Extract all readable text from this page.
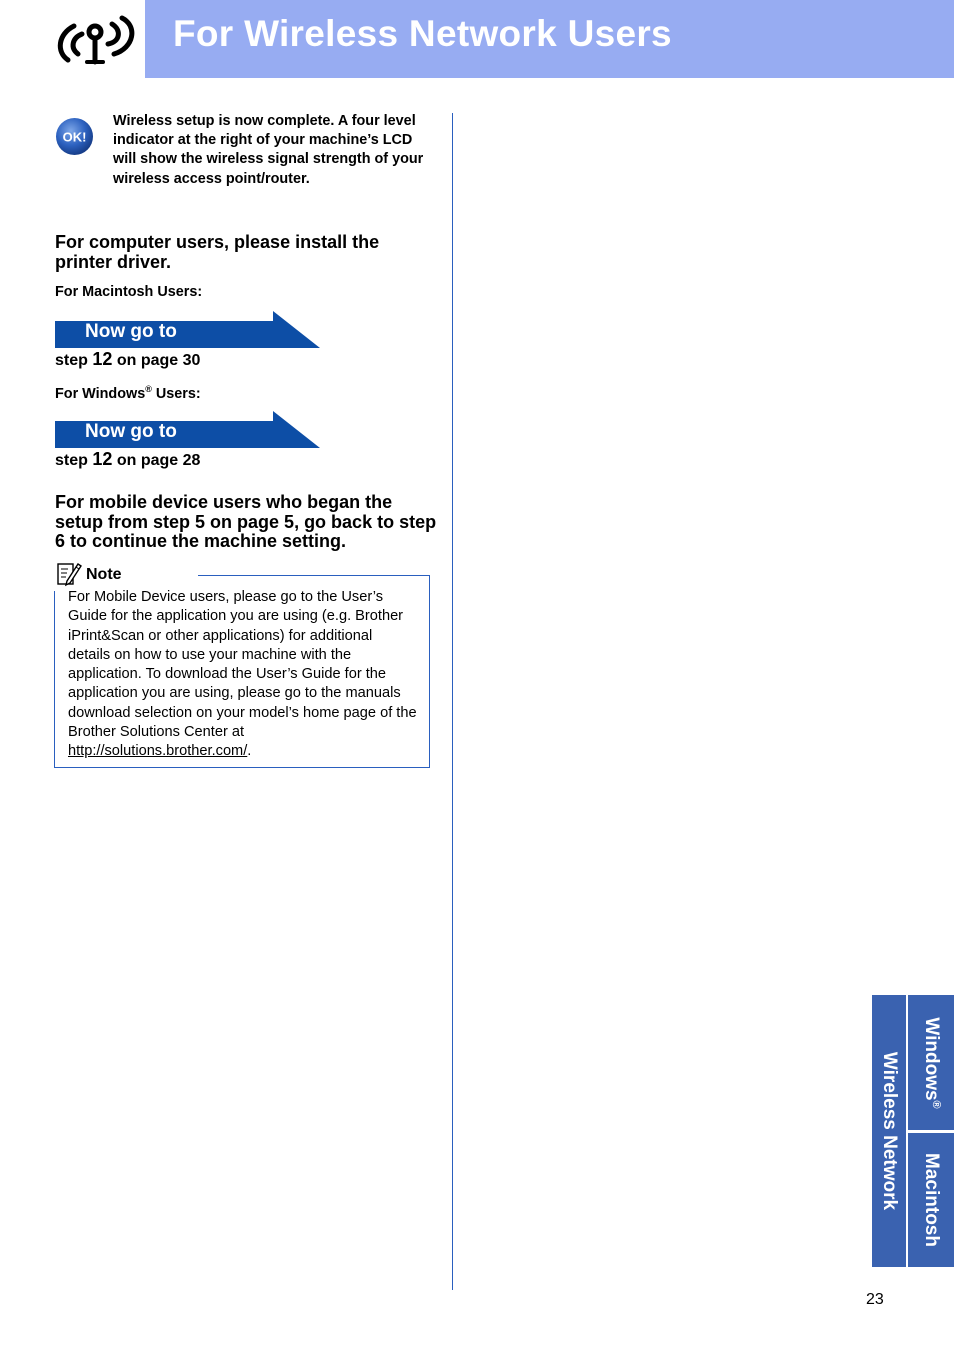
For Wireless Network Users
OK!
Wireless setup is now complete. A four level indicator at the right of your machine’s LCD will show the wireless signal strength of your wireless access point/router.
For computer users, please install the printer driver.
For Macintosh Users:
Now go to
step 12 on page 30
For Windows® Users:
Now go to
step 12 on page 28
For mobile device users who began the setup from step 5 on page 5, go back to step 6 to continue the machine setting.
Note
For Mobile Device users, please go to the User’s Guide for the application you are using (e.g. Brother iPrint&Scan or other applications) for additional details on how to use your machine with the application. To download the User’s Guide for the application you are using, please go to the manuals download selection on your model’s home page of the Brother Solutions Center at http://solutions.brother.com/.
Wireless Network Windows®
Macintosh
23
